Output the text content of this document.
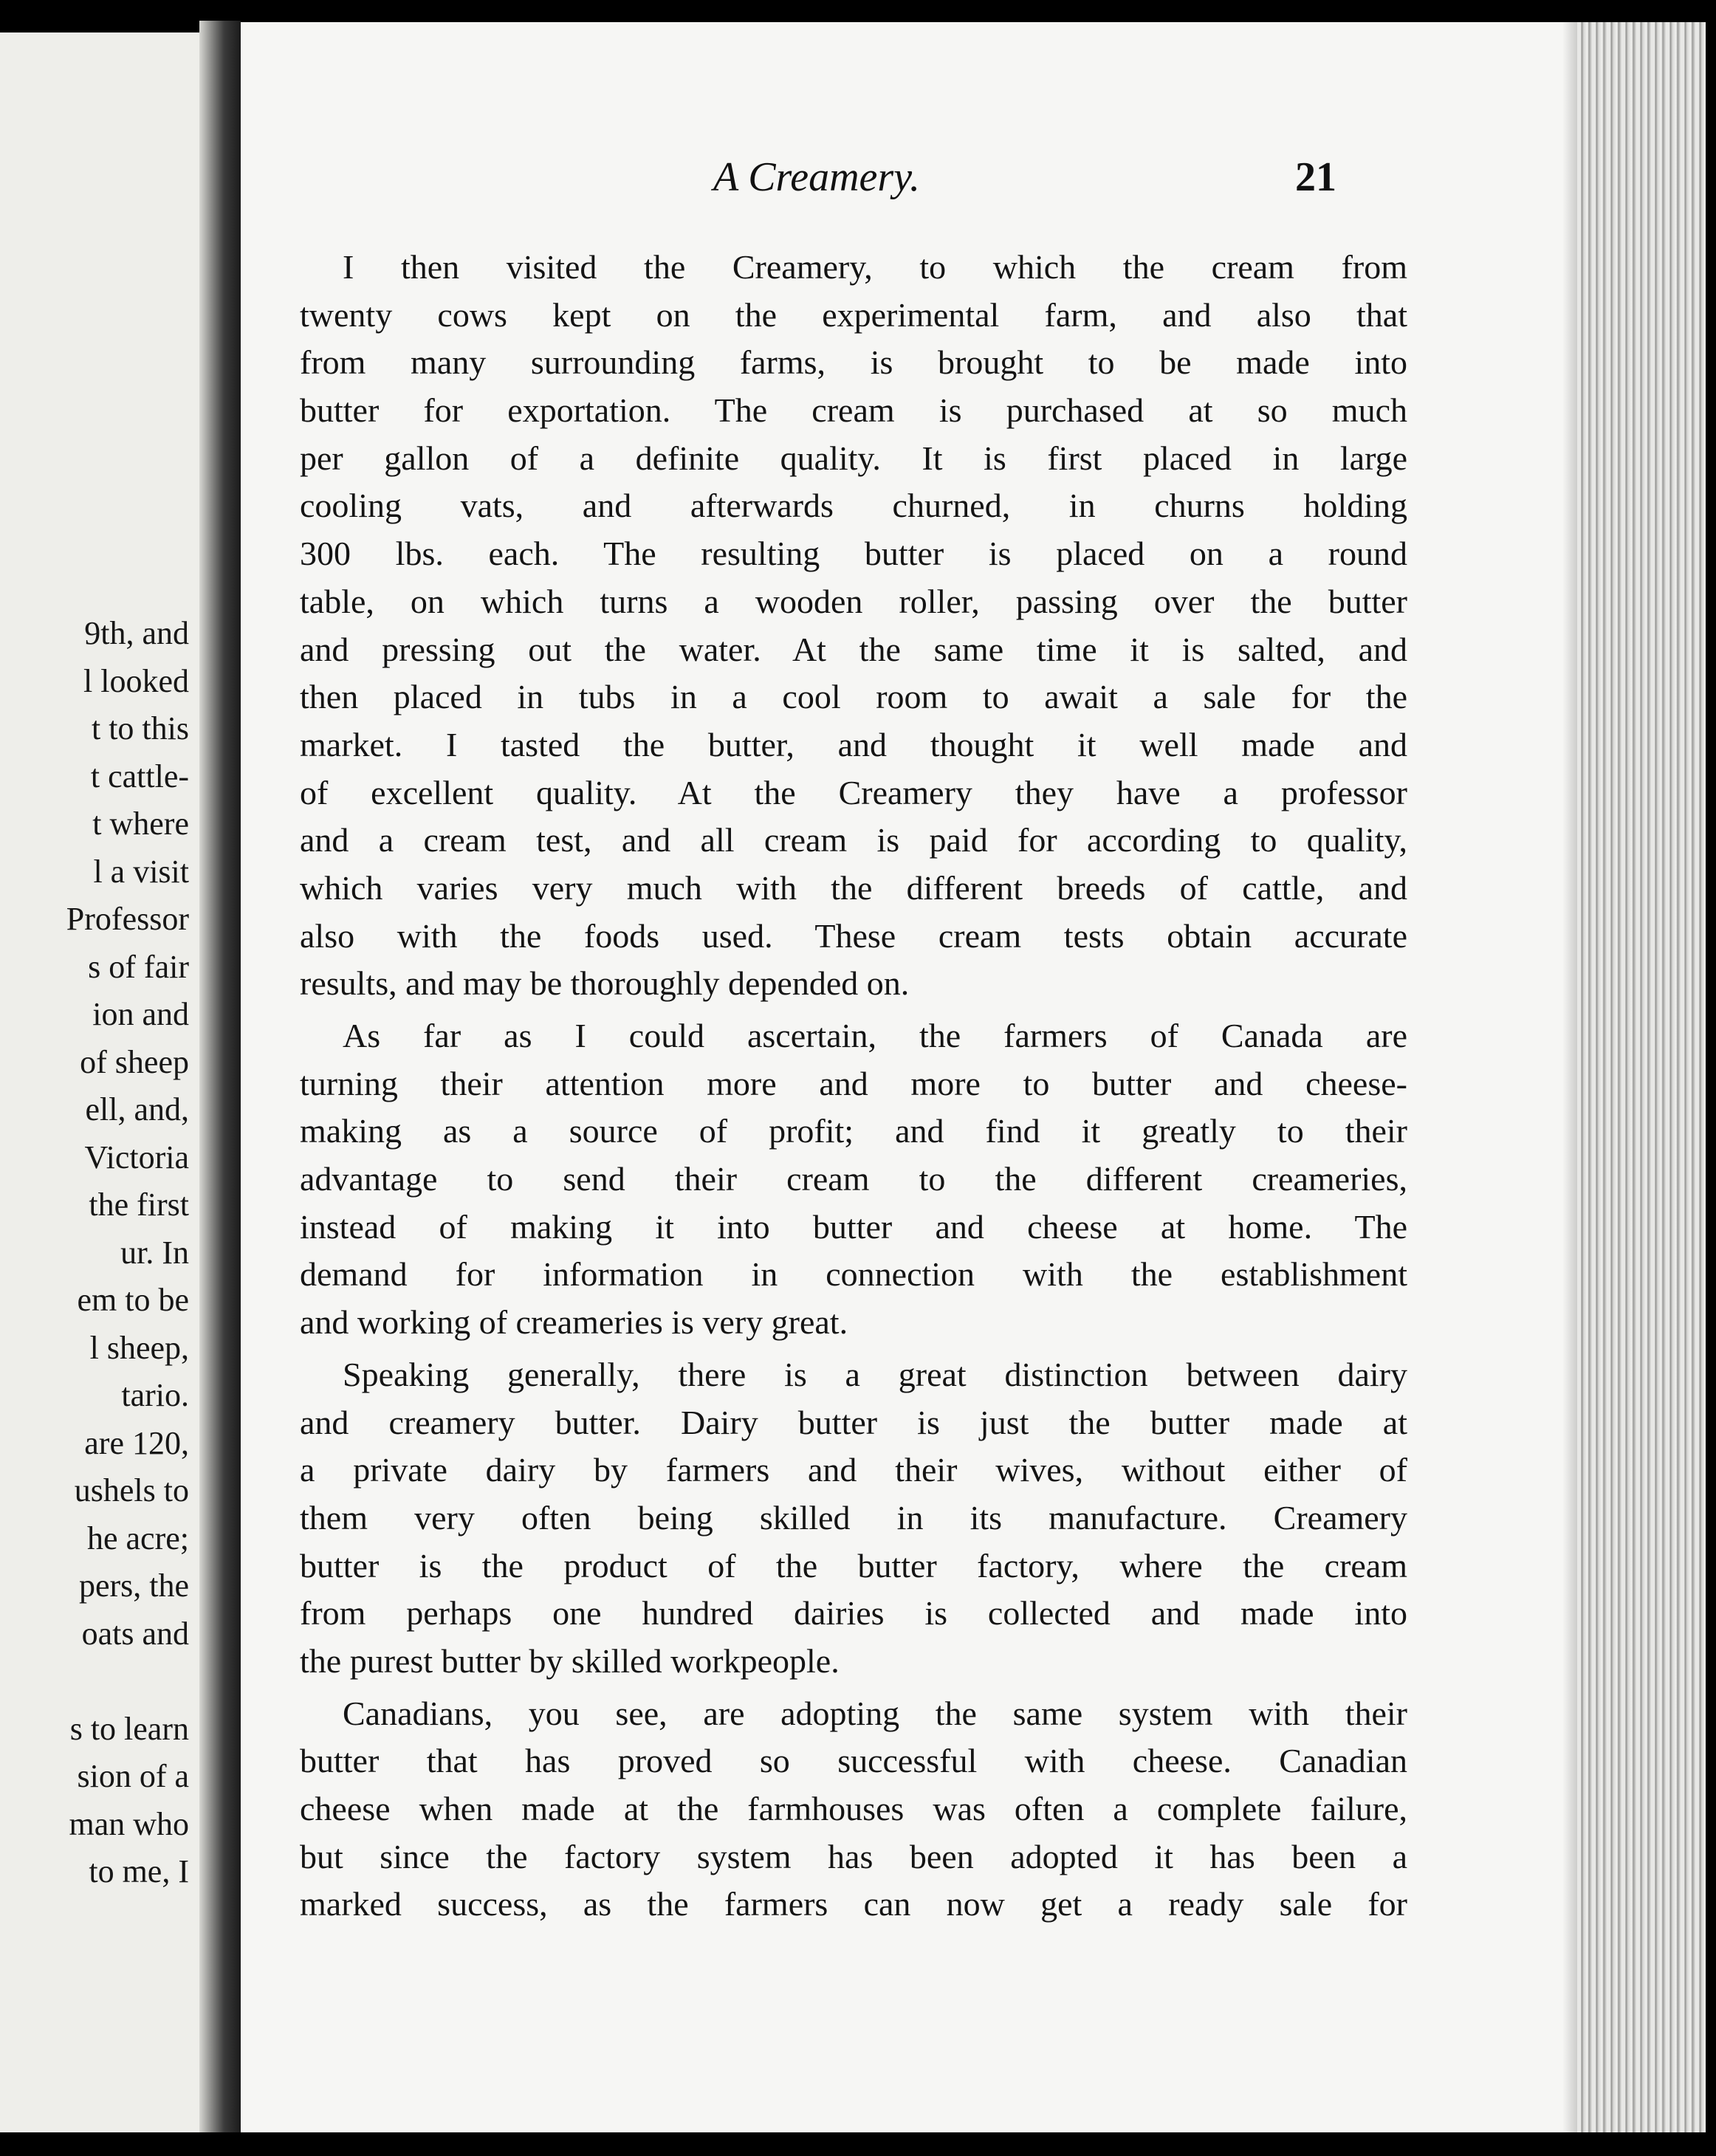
9th, and
l looked
t to this
t cattle-
t where
l a visit
Professor
s of fair
ion and
of sheep
ell, and,
Victoria
the first
ur. In
em to be
l sheep,
tario.
are 120,
ushels to
he acre;
pers, the
oats and
s to learn
sion of a
man who
to me, I
A Creamery.	21
I then visited the Creamery, to which the cream from
twenty cows kept on the experimental farm, and also that
from many surrounding farms, is brought to be made into
butter for exportation. The cream is purchased at so much
per gallon of a definite quality. It is first placed in large
cooling vats, and afterwards churned, in churns holding
300 lbs. each. The resulting butter is placed on a round
table, on which turns a wooden roller, passing over the butter
and pressing out the water. At the same time it is salted, and
then placed in tubs in a cool room to await a sale for the
market. I tasted the butter, and thought it well made and
of excellent quality. At the Creamery they have a professor
and a cream test, and all cream is paid for according to quality,
which varies very much with the different breeds of cattle, and
also with the foods used. These cream tests obtain accurate
results, and may be thoroughly depended on.
As far as I could ascertain, the farmers of Canada are
turning their attention more and more to butter and cheese-
making as a source of profit; and find it greatly to their
advantage to send their cream to the different creameries,
instead of making it into butter and cheese at home. The
demand for information in connection with the establishment
and working of creameries is very great.
Speaking generally, there is a great distinction between dairy
and creamery butter. Dairy butter is just the butter made at
a private dairy by farmers and their wives, without either of
them very often being skilled in its manufacture. Creamery
butter is the product of the butter factory, where the cream
from perhaps one hundred dairies is collected and made into
the purest butter by skilled workpeople.
Canadians, you see, are adopting the same system with their
butter that has proved so successful with cheese. Canadian
cheese when made at the farmhouses was often a complete failure,
but since the factory system has been adopted it has been a
marked success, as the farmers can now get a ready sale for
